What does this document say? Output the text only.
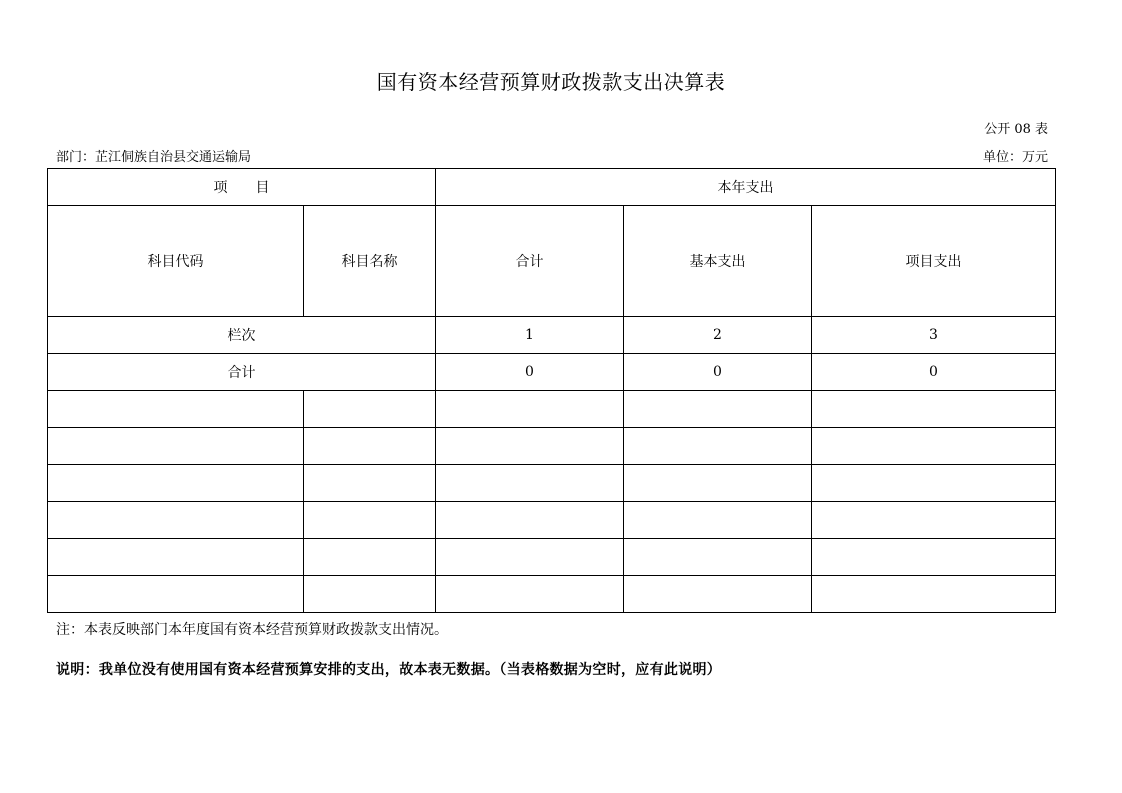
国有资本经营预算财政拨款支出决算表
公开 08 表
部门：芷江侗族自治县交通运输局	单位：万元
项　　目		本年支出		
科目代码	科目名称	合计	基本支出	项目支出
栏次		1	2	3
合计		0	0	0

注：本表反映部门本年度国有资本经营预算财政拨款支出情况。
说明：我单位没有使用国有资本经营预算安排的支出，故本表无数据。（当表格数据为空时，应有此说明）
